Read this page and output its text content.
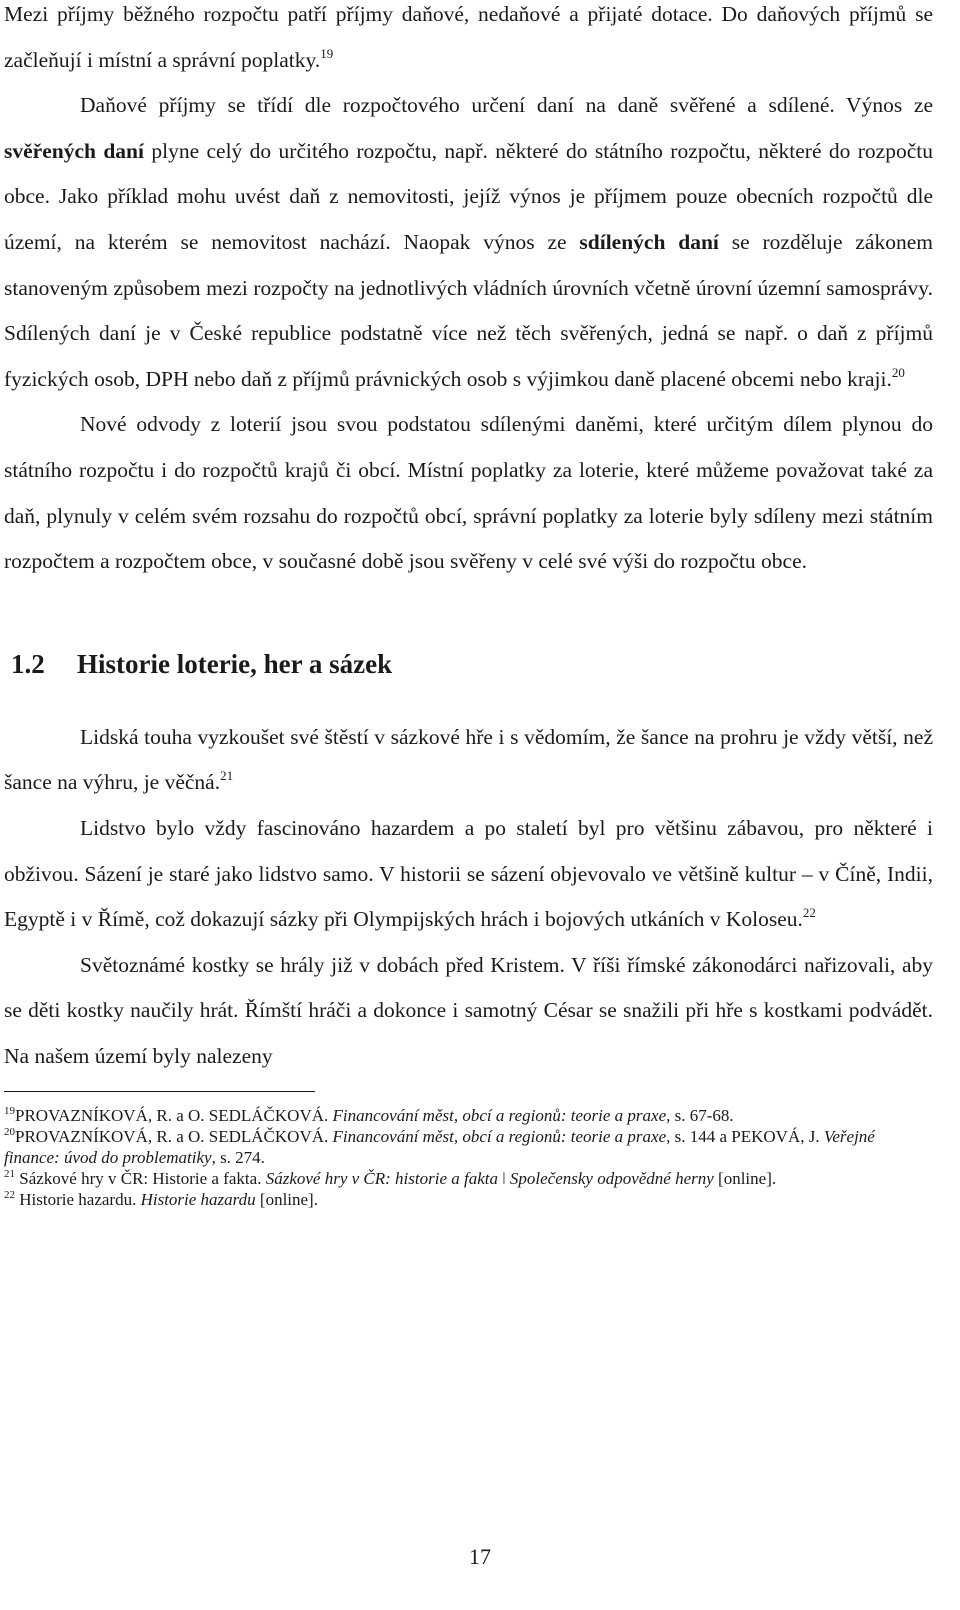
Mezi příjmy běžného rozpočtu patří příjmy daňové, nedaňové a přijaté dotace. Do daňových příjmů se začleňují i místní a správní poplatky.$^{19}$

Daňové příjmy se třídí dle rozpočtového určení daní na daně svěřené a sdílené. Výnos ze svěřených daní plyne celý do určitého rozpočtu, např. některé do státního rozpočtu, některé do rozpočtu obce. Jako příklad mohu uvést daň z nemovitosti, jejíž výnos je příjmem pouze obecních rozpočtů dle území, na kterém se nemovitost nachází. Naopak výnos ze sdílených daní se rozděluje zákonem stanoveným způsobem mezi rozpočty na jednotlivých vládních úrovních včetně úrovní územní samosprávy. Sdílených daní je v České republice podstatně více než těch svěřených, jedná se např. o daň z příjmů fyzických osob, DPH nebo daň z příjmů právnických osob s výjimkou daně placené obcemi nebo kraji.$^{20}$

Nové odvody z loterií jsou svou podstatou sdílenými daněmi, které určitým dílem plynou do státního rozpočtu i do rozpočtů krajů či obcí. Místní poplatky za loterie, které můžeme považovat také za daň, plynuly v celém svém rozsahu do rozpočtů obcí, správní poplatky za loterie byly sdíleny mezi státním rozpočtem a rozpočtem obce, v současné době jsou svěřeny v celé své výši do rozpočtu obce.

1.2 Historie loterie, her a sázek

Lidská touha vyzkoušet své štěstí v sázkové hře i s vědomím, že šance na prohru je vždy větší, než šance na výhru, je věčná.$^{21}$

Lidstvo bylo vždy fascinováno hazardem a po staletí byl pro většinu zábavou, pro některé i obživou. Sázení je staré jako lidstvo samo. V historii se sázení objevovalo ve většině kultur – v Číně, Indii, Egyptě i v Římě, což dokazují sázky při Olympijských hrách i bojových utkáních v Koloseu.$^{22}$

Světoznámé kostky se hrály již v dobách před Kristem. V říši římské zákonodárci nařizovali, aby se děti kostky naučily hrát. Římští hráči a dokonce i samotný César se snažili při hře s kostkami podvádět. Na našem území byly nalezeny

$^{19}$PROVAZNÍKOVÁ, R. a O. SEDLÁČKOVÁ. Financování měst, obcí a regionů: teorie a praxe, s. 67-68.
$^{20}$PROVAZNÍKOVÁ, R. a O. SEDLÁČKOVÁ. Financování měst, obcí a regionů: teorie a praxe, s. 144 a PEKOVÁ, J. Veřejné finance: úvod do problematiky, s. 274.
$^{21}$ Sázkové hry v ČR: Historie a fakta. Sázkové hry v ČR: historie a fakta ǀ Společensky odpovědné herny [online].
$^{22}$ Historie hazardu. Historie hazardu [online].
17
